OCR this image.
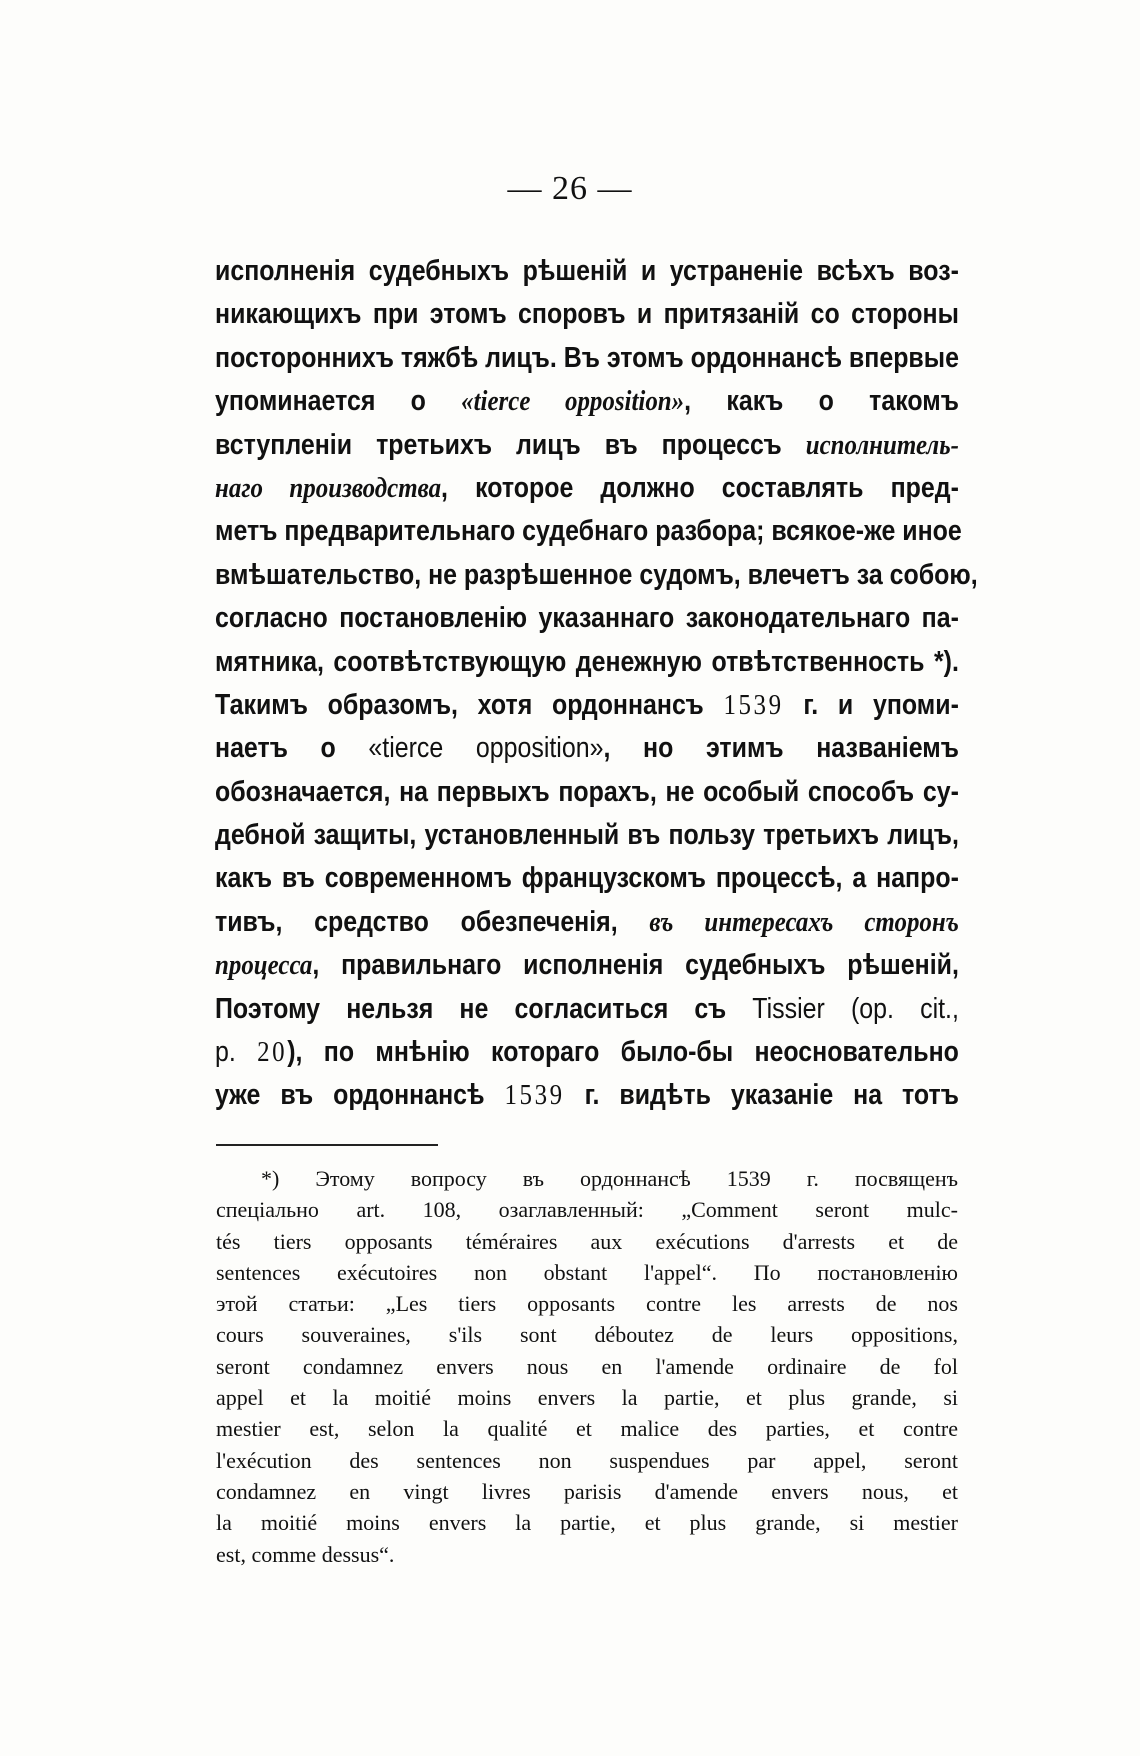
— 26 —
исполненія судебныхъ рѣшеній и устраненіе всѣхъ воз-
никающихъ при этомъ споровъ и притязаній со стороны
постороннихъ тяжбѣ лицъ. Въ этомъ ордоннансѣ впервые
упоминается о «tierce opposition», какъ о такомъ
вступленіи третьихъ лицъ въ процессъ исполнитель-
наго производства, которое должно составлять пред-
метъ предварительнаго судебнаго разбора; всякое-же иное
вмѣшательство, не разрѣшенное судомъ, влечетъ за собою,
согласно постановленію указаннаго законодательнаго па-
мятника, соотвѣтствующую денежную отвѣтственность *).
Такимъ образомъ, хотя ордоннансъ 1539 г. и упоми-
наетъ о «tierce opposition», но этимъ названіемъ
обозначается, на первыхъ порахъ, не особый способъ су-
дебной защиты, установленный въ пользу третьихъ лицъ,
какъ въ современномъ французскомъ процессѣ, а напро-
тивъ, средство обезпеченія, въ интересахъ сторонъ
процесса, правильнаго исполненія судебныхъ рѣшеній,
Поэтому нельзя не согласиться съ Tissier (op. cit.,
p. 20), по мнѣнію котораго было-бы неосновательно
уже въ ордоннансѣ 1539 г. видѣть указаніе на тотъ
*) Этому вопросу въ ордоннансѣ 1539 г. посвященъ
спеціально art. 108, озаглавленный: „Comment seront mulc-
tés tiers opposants téméraires aux exécutions d'arrests et de
sentences exécutoires non obstant l'appel“. По постановленію
этой статьи: „Les tiers opposants contre les arrests de nos
cours souveraines, s'ils sont déboutez de leurs oppositions,
seront condamnez envers nous en l'amende ordinaire de fol
appel et la moitié moins envers la partie, et plus grande, si
mestier est, selon la qualité et malice des parties, et contre
l'exécution des sentences non suspendues par appel, seront
condamnez en vingt livres parisis d'amende envers nous, et
la moitié moins envers la partie, et plus grande, si mestier
est, comme dessus“.
